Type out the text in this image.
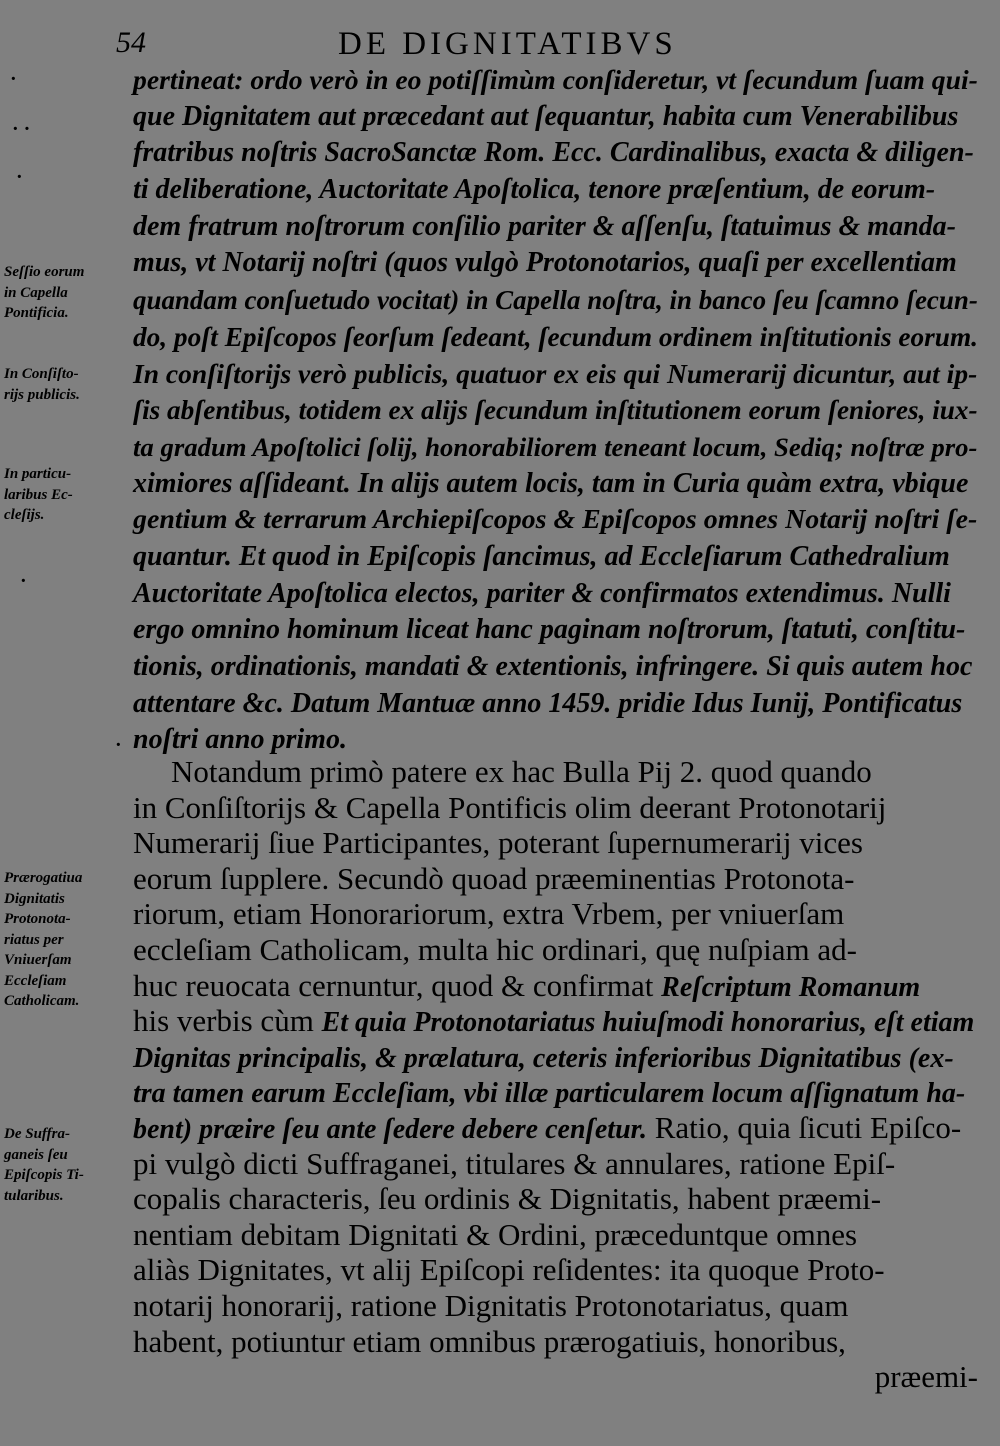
54	DE DIGNITATIBVS
pertineat: ordo verò in eo potiſſimùm conſideretur, vt ſecundum ſuam qui-
que Dignitatem aut præcedant aut ſequantur, habita cum Venerabilibus
fratribus noſtris SacroSanctæ Rom. Ecc. Cardinalibus, exacta & diligen-
ti deliberatione, Auctoritate Apoſtolica, tenore præſentium, de eorum-
dem fratrum noſtrorum conſilio pariter & aſſenſu, ſtatuimus & manda-
mus, vt Notarij noſtri (quos vulgò Protonotarios, quaſi per excellentiam
quandam conſuetudo vocitat) in Capella noſtra, in banco ſeu ſcamno ſecun-
do, poſt Epiſcopos ſeorſum ſedeant, ſecundum ordinem inſtitutionis eorum.
In conſiſtorijs verò publicis, quatuor ex eis qui Numerarij dicuntur, aut ip-
ſis abſentibus, totidem ex alijs ſecundum inſtitutionem eorum ſeniores, iux-
ta gradum Apoſtolici ſolij, honorabiliorem teneant locum, Sediq; noſtræ pro-
ximiores aſſideant. In alijs autem locis, tam in Curia quàm extra, vbique
gentium & terrarum Archiepiſcopos & Epiſcopos omnes Notarij noſtri ſe-
quantur. Et quod in Epiſcopis ſancimus, ad Eccleſiarum Cathedralium
Auctoritate Apoſtolica electos, pariter & confirmatos extendimus. Nulli
ergo omnino hominum liceat hanc paginam noſtrorum, ſtatuti, conſtitu-
tionis, ordinationis, mandati & extentionis, infringere. Si quis autem hoc
attentare &c. Datum Mantuæ anno 1459. pridie Idus Iunij, Pontificatus
noſtri anno primo.
Notandum primò patere ex hac Bulla Pij 2. quod quando
in Conſiſtorijs & Capella Pontificis olim deerant Protonotarij
Numerarij ſiue Participantes, poterant ſupernumerarij vices
eorum ſupplere. Secundò quoad præeminentias Protonota-
riorum, etiam Honorariorum, extra Vrbem, per vniuerſam
eccleſiam Catholicam, multa hic ordinari, quę nuſpiam ad-
huc reuocata cernuntur, quod & confirmat Reſcriptum Romanum
his verbis cùm Et quia Protonotariatus huiuſmodi honorarius, eſt etiam
Dignitas principalis, & prælatura, ceteris inferioribus Dignitatibus (ex-
tra tamen earum Eccleſiam, vbi illæ particularem locum aſſignatum ha-
bent) præire ſeu ante ſedere debere cenſetur. Ratio, quia ſicuti Epiſco-
pi vulgò dicti Suffraganei, titulares & annulares, ratione Epiſ-
copalis characteris, ſeu ordinis & Dignitatis, habent præemi-
nentiam debitam Dignitati & Ordini, præceduntque omnes
aliàs Dignitates, vt alij Epiſcopi reſidentes: ita quoque Proto-
notarij honorarij, ratione Dignitatis Protonotariatus, quam
habent, potiuntur etiam omnibus prærogatiuis, honoribus,
præemi-
Seſſio eorum
in Capella
Pontificia.
In Conſiſto-
rijs publicis.
In particu-
laribus Ec-
cleſijs.
Prærogatiua
Dignitatis
Protonota-
riatus per
Vniuerſam
Eccleſiam
Catholicam.
De Suffra-
ganeis ſeu
Epiſcopis Ti-
tularibus.
·
· ·
·
·
·
